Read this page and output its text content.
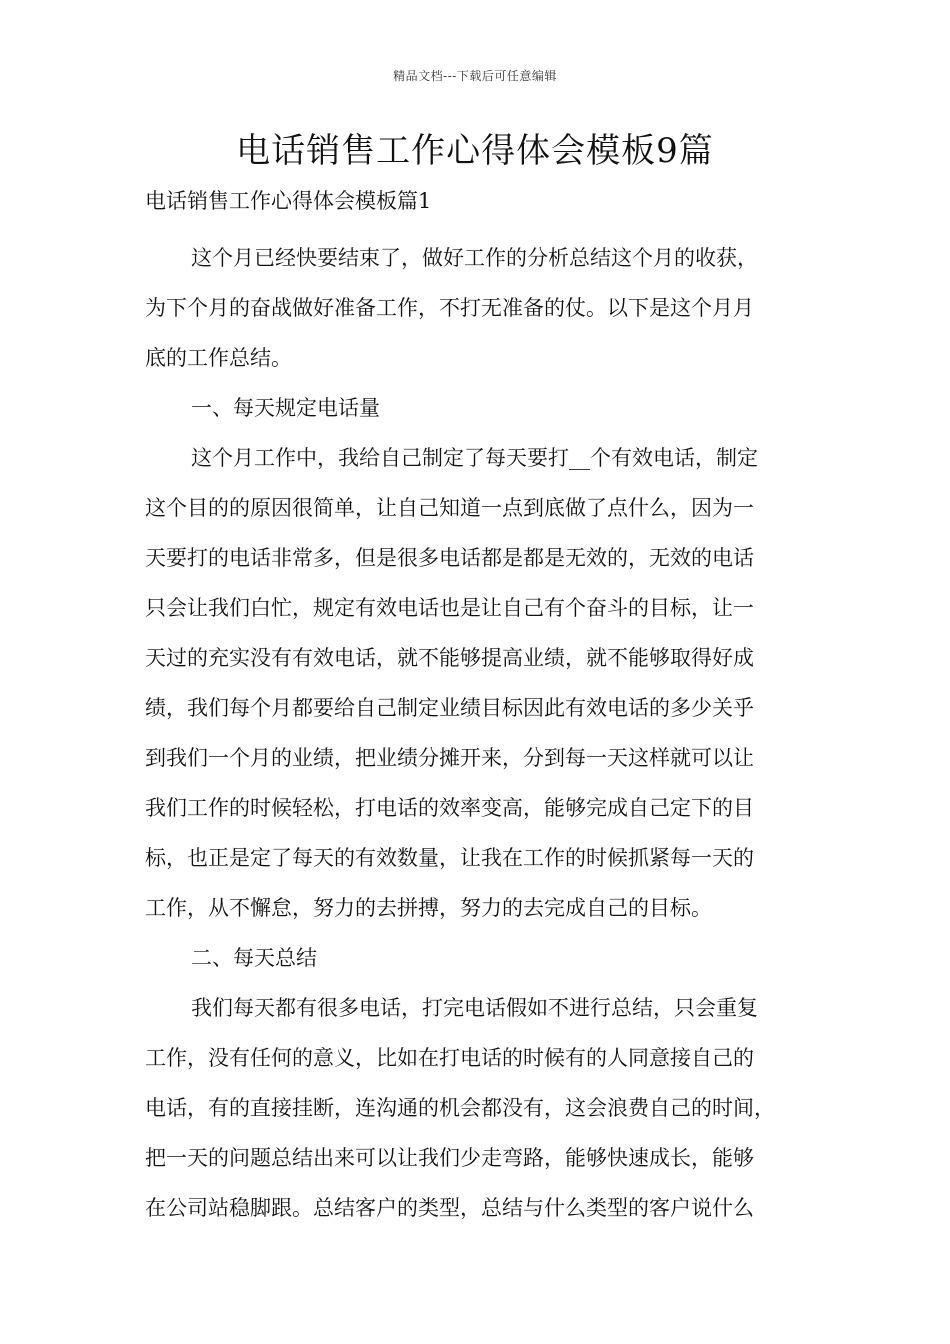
精品文档---下载后可任意编辑
电话销售工作心得体会模板9篇
电话销售工作心得体会模板篇1
这个月已经快要结束了，做好工作的分析总结这个月的收获，
为下个月的奋战做好准备工作，不打无准备的仗。以下是这个月月
底的工作总结。
一、每天规定电话量
这个月工作中，我给自己制定了每天要打__个有效电话，制定
这个目的的原因很简单，让自己知道一点到底做了点什么，因为一
天要打的电话非常多，但是很多电话都是都是无效的，无效的电话
只会让我们白忙，规定有效电话也是让自己有个奋斗的目标，让一
天过的充实没有有效电话，就不能够提高业绩，就不能够取得好成
绩，我们每个月都要给自己制定业绩目标因此有效电话的多少关乎
到我们一个月的业绩，把业绩分摊开来，分到每一天这样就可以让
我们工作的时候轻松，打电话的效率变高，能够完成自己定下的目
标，也正是定了每天的有效数量，让我在工作的时候抓紧每一天的
工作，从不懈怠，努力的去拼搏，努力的去完成自己的目标。
二、每天总结
我们每天都有很多电话，打完电话假如不进行总结，只会重复
工作，没有任何的意义，比如在打电话的时候有的人同意接自己的
电话，有的直接挂断，连沟通的机会都没有，这会浪费自己的时间，
把一天的问题总结出来可以让我们少走弯路，能够快速成长，能够
在公司站稳脚跟。总结客户的类型，总结与什么类型的客户说什么
